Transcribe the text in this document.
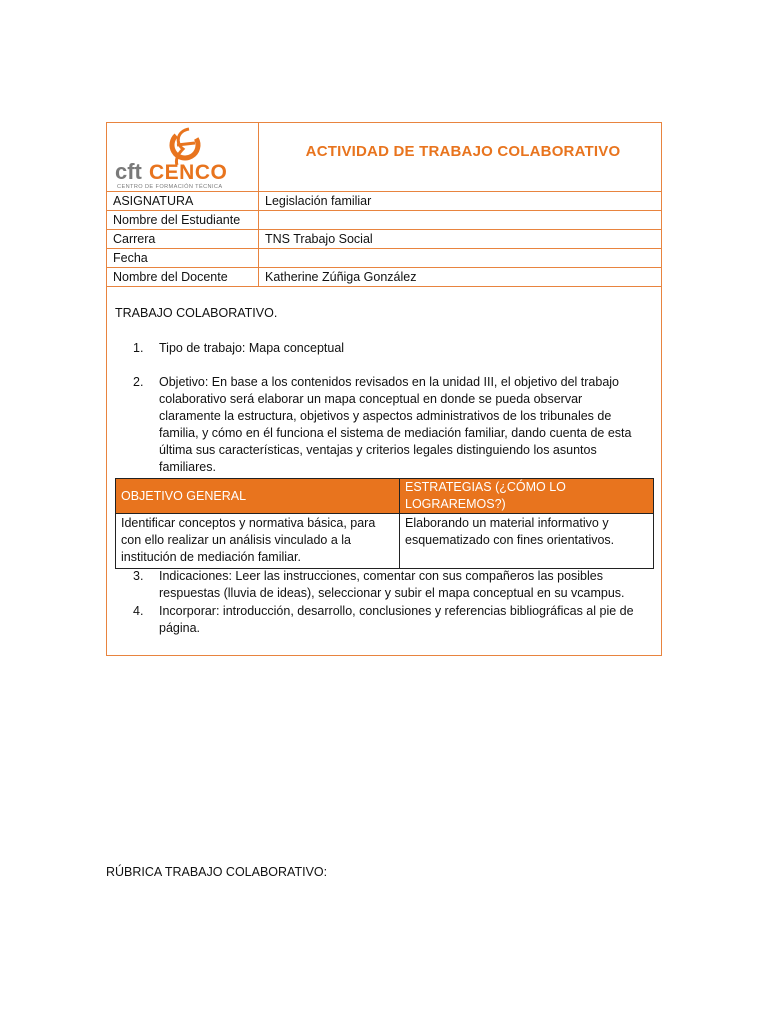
cft CENCO
CENTRO DE FORMACIÓN TÉCNICA	ACTIVIDAD DE TRABAJO COLABORATIVO
ASIGNATURA	Legislación familiar
Nombre del Estudiante	
Carrera	TNS Trabajo Social
Fecha	
Nombre del Docente	Katherine Zúñiga González
TRABAJO COLABORATIVO.
1. Tipo de trabajo: Mapa conceptual
2. Objetivo: En base a los contenidos revisados en la unidad III, el objetivo del trabajo colaborativo será elaborar un mapa conceptual en donde se pueda observar claramente la estructura, objetivos y aspectos administrativos de los tribunales de familia, y cómo en él funciona el sistema de mediación familiar, dando cuenta de esta última sus características, ventajas y criterios legales distinguiendo los asuntos familiares.
OBJETIVO GENERAL	ESTRATEGIAS (¿CÓMO LO LOGRAREMOS?)
Identificar conceptos y normativa básica, para con ello realizar un análisis vinculado a la institución de mediación familiar.	Elaborando un material informativo y esquematizado con fines orientativos.
3. Indicaciones: Leer las instrucciones, comentar con sus compañeros las posibles respuestas (lluvia de ideas), seleccionar y subir el mapa conceptual en su vcampus.
4. Incorporar: introducción, desarrollo, conclusiones y referencias bibliográficas al pie de página.
RÚBRICA TRABAJO COLABORATIVO:
